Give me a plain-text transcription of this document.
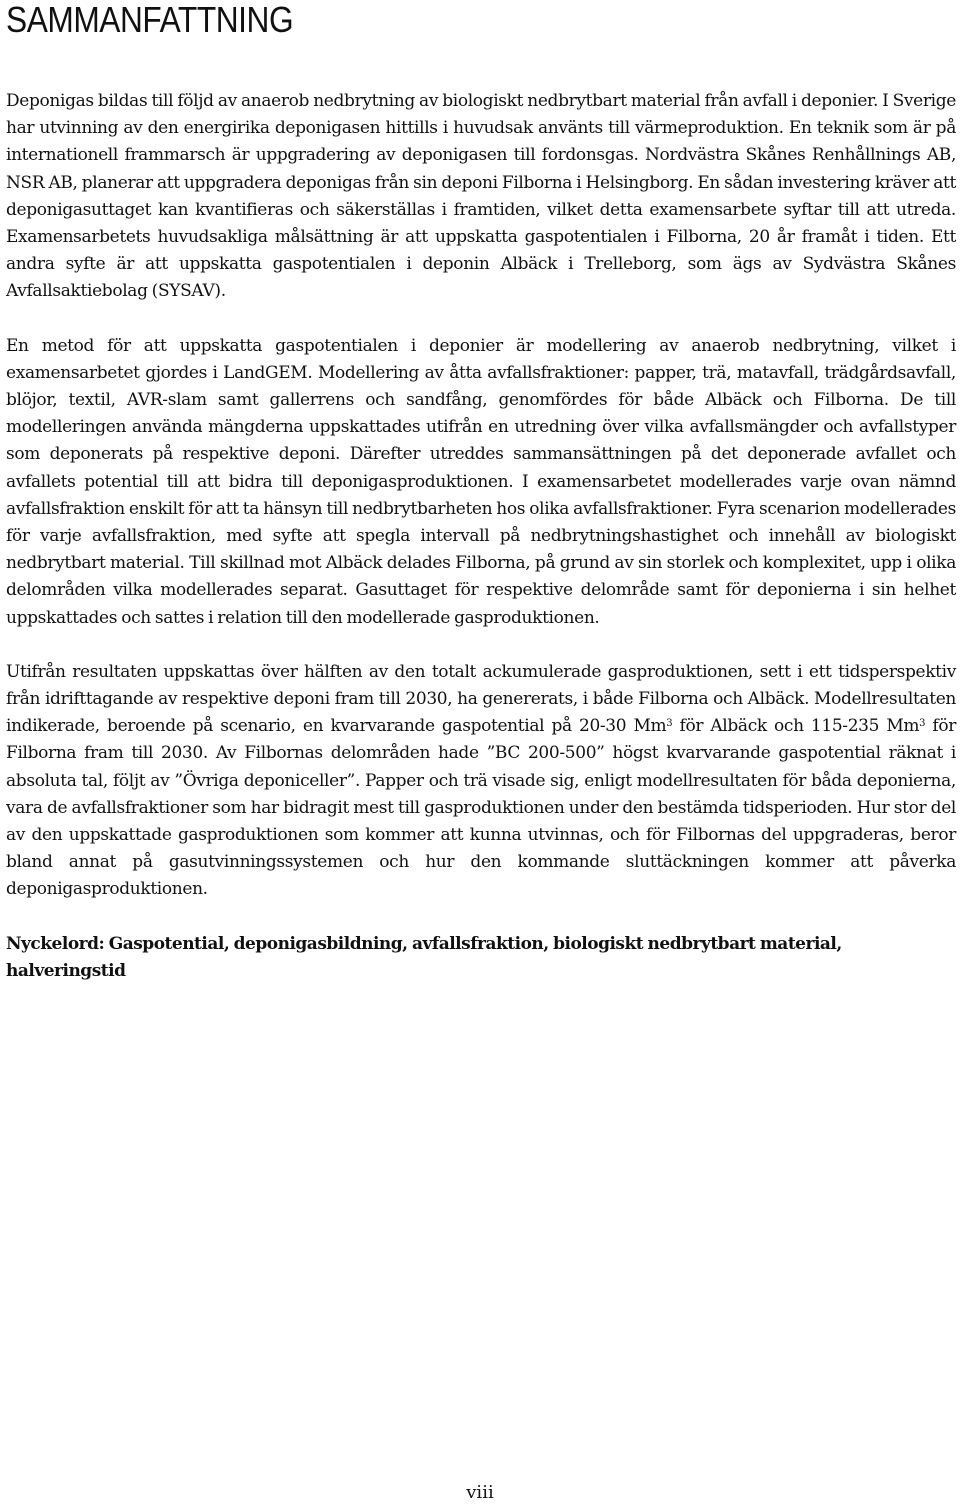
SAMMANFATTNING

Deponigas bildas till följd av anaerob nedbrytning av biologiskt nedbrytbart material från avfall i deponier. I Sverige har utvinning av den energirika deponigasen hittills i huvudsak använts till värmeproduktion. En teknik som är på internationell frammarsch är uppgradering av deponigasen till fordonsgas. Nordvästra Skånes Renhållnings AB, NSR AB, planerar att uppgradera deponigas från sin deponi Filborna i Helsingborg. En sådan investering kräver att deponigasuttaget kan kvantifieras och säkerställas i framtiden, vilket detta examensarbete syftar till att utreda. Examensarbetets huvudsakliga målsättning är att uppskatta gaspotentialen i Filborna, 20 år framåt i tiden. Ett andra syfte är att uppskatta gaspotentialen i deponin Albäck i Trelleborg, som ägs av Sydvästra Skånes Avfallsaktiebolag (SYSAV).

En metod för att uppskatta gaspotentialen i deponier är modellering av anaerob nedbrytning, vilket i examensarbetet gjordes i LandGEM. Modellering av åtta avfallsfraktioner: papper, trä, matavfall, trädgårdsavfall, blöjor, textil, AVR-slam samt gallerrens och sandfång, genomfördes för både Albäck och Filborna. De till modelleringen använda mängderna uppskattades utifrån en utredning över vilka avfallsmängder och avfallstyper som deponerats på respektive deponi. Därefter utreddes sammansättningen på det deponerade avfallet och avfallets potential till att bidra till deponigasproduktionen. I examensarbetet modellerades varje ovan nämnd avfallsfraktion enskilt för att ta hänsyn till nedbrytbarheten hos olika avfallsfraktioner. Fyra scenarion modellerades för varje avfallsfraktion, med syfte att spegla intervall på nedbrytningshastighet och innehåll av biologiskt nedbrytbart material. Till skillnad mot Albäck delades Filborna, på grund av sin storlek och komplexitet, upp i olika delområden vilka modellerades separat. Gasuttaget för respektive delområde samt för deponierna i sin helhet uppskattades och sattes i relation till den modellerade gasproduktionen.

Utifrån resultaten uppskattas över hälften av den totalt ackumulerade gasproduktionen, sett i ett tidsperspektiv från idrifttagande av respektive deponi fram till 2030, ha genererats, i både Filborna och Albäck. Modellresultaten indikerade, beroende på scenario, en kvarvarande gaspotential på 20-30 Mm$^3$ för Albäck och 115-235 Mm$^3$ för Filborna fram till 2030. Av Filbornas delområden hade ”BC 200-500” högst kvarvarande gaspotential räknat i absoluta tal, följt av ”Övriga deponiceller”. Papper och trä visade sig, enligt modellresultaten för båda deponierna, vara de avfallsfraktioner som har bidragit mest till gasproduktionen under den bestämda tidsperioden. Hur stor del av den uppskattade gasproduktionen som kommer att kunna utvinnas, och för Filbornas del uppgraderas, beror bland annat på gasutvinningssystemen och hur den kommande sluttäckningen kommer att påverka deponigasproduktionen.

Nyckelord: Gaspotential, deponigasbildning, avfallsfraktion, biologiskt nedbrytbart material, halveringstid

viii
